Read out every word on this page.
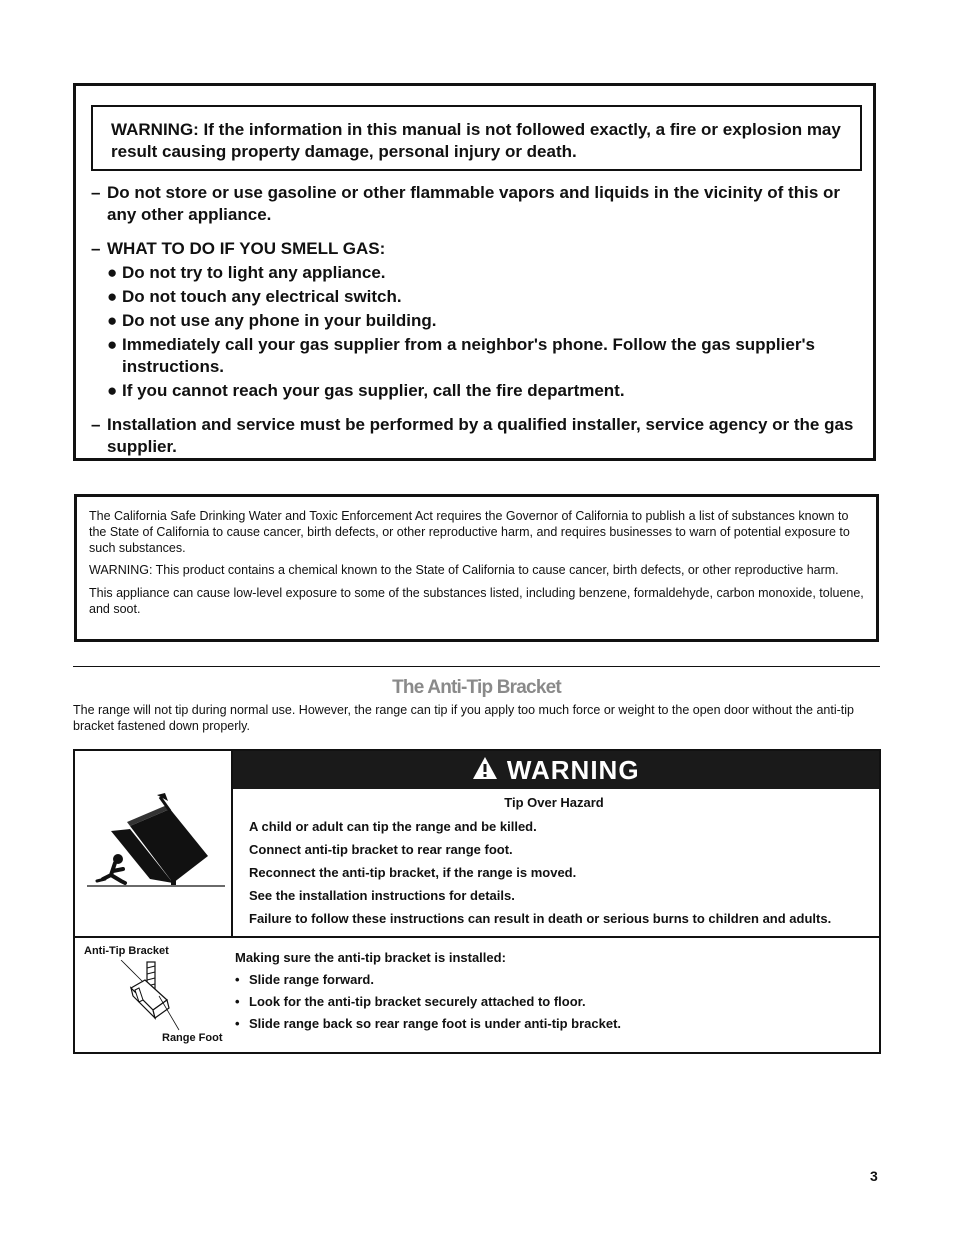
WARNING: If the information in this manual is not followed exactly, a fire or explosion may result causing property damage, personal injury or death.
– Do not store or use gasoline or other flammable vapors and liquids in the vicinity of this or any other appliance.
– WHAT TO DO IF YOU SMELL GAS:
● Do not try to light any appliance.
● Do not touch any electrical switch.
● Do not use any phone in your building.
● Immediately call your gas supplier from a neighbor's phone. Follow the gas supplier's instructions.
● If you cannot reach your gas supplier, call the fire department.
– Installation and service must be performed by a qualified installer, service agency or the gas supplier.

The California Safe Drinking Water and Toxic Enforcement Act requires the Governor of California to publish a list of substances known to the State of California to cause cancer, birth defects, or other reproductive harm, and requires businesses to warn of potential exposure to such substances.

WARNING: This product contains a chemical known to the State of California to cause cancer, birth defects, or other reproductive harm.

This appliance can cause low-level exposure to some of the substances listed, including benzene, formaldehyde, carbon monoxide, toluene, and soot.

The Anti-Tip Bracket
The range will not tip during normal use. However, the range can tip if you apply too much force or weight to the open door without the anti-tip bracket fastened down properly.
WARNING
Tip Over Hazard
A child or adult can tip the range and be killed.
Connect anti-tip bracket to rear range foot.
Reconnect the anti-tip bracket, if the range is moved.
See the installation instructions for details.
Failure to follow these instructions can result in death or serious burns to children and adults.
Anti-Tip Bracket
Range Foot
Making sure the anti-tip bracket is installed:
• Slide range forward.
• Look for the anti-tip bracket securely attached to floor.
• Slide range back so rear range foot is under anti-tip bracket.
3
